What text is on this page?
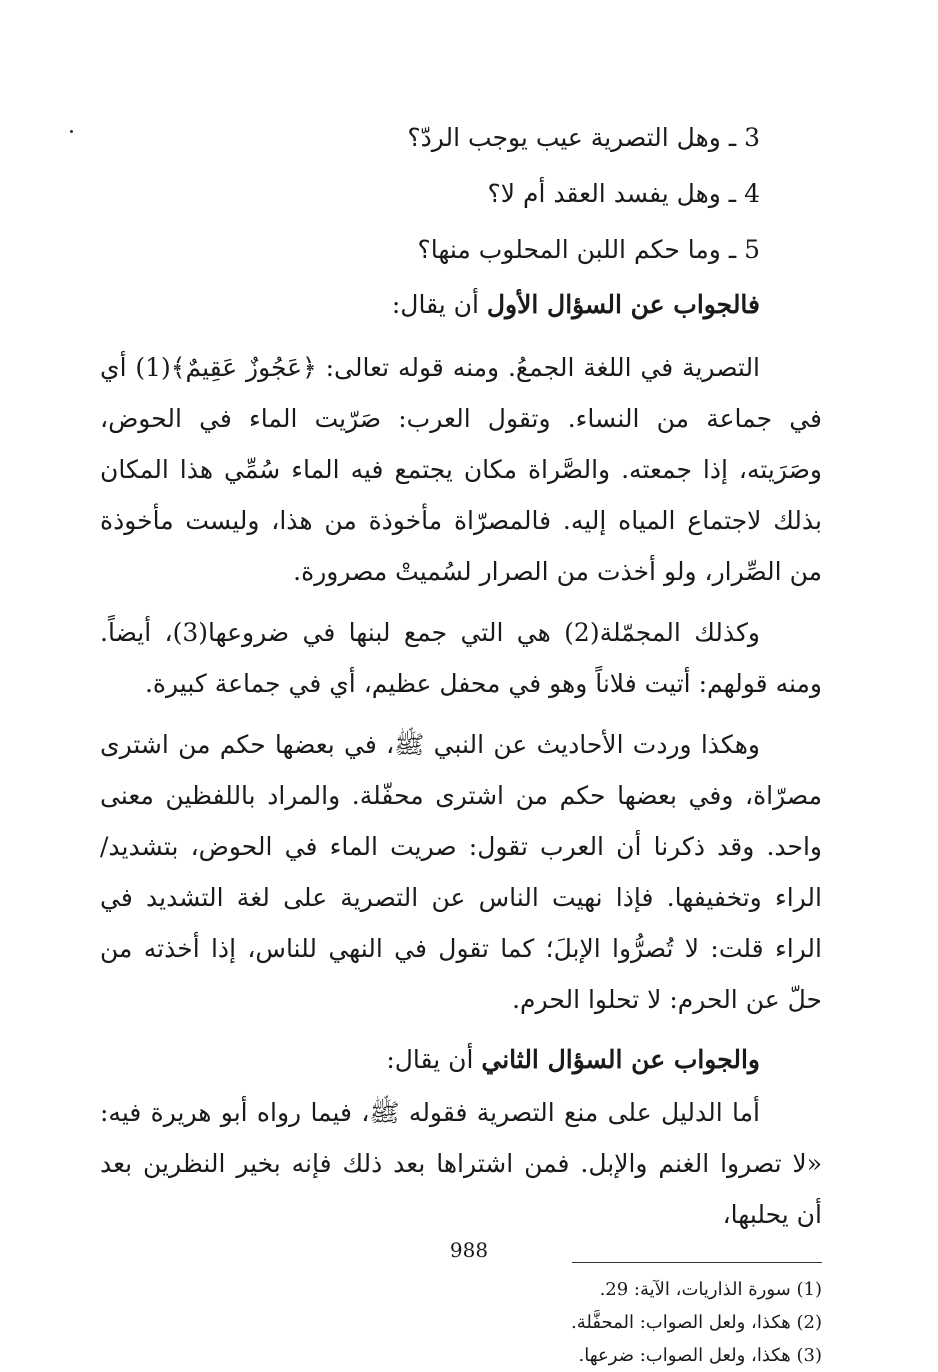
3 ـ وهل التصرية عيب يوجب الردّ؟

4 ـ وهل يفسد العقد أم لا؟

5 ـ وما حكم اللبن المحلوب منها؟

فالجواب عن السؤال الأول أن يقال:

التصرية في اللغة الجمعُ. ومنه قوله تعالى: ﴿عَجُوزٌ عَقِيمٌ﴾(1) أي في جماعة من النساء. وتقول العرب: صَرّيت الماء في الحوض، وصَرَيته، إذا جمعته. والصَّراة مكان يجتمع فيه الماء سُمِّي هذا المكان بذلك لاجتماع المياه إليه. فالمصرّاة مأخوذة من هذا، وليست مأخوذة من الصِّرار، ولو أخذت من الصرار لسُميتْ مصرورة.

وكذلك المجمّلة(2) هي التي جمع لبنها في ضروعها(3)، أيضاً. ومنه قولهم: أتيت فلاناً وهو في محفل عظيم، أي في جماعة كبيرة.

وهكذا وردت الأحاديث عن النبي ﷺ، في بعضها حكم من اشترى مصرّاة، وفي بعضها حكم من اشترى محفّلة. والمراد باللفظين معنى واحد. وقد ذكرنا أن العرب تقول: صريت الماء في الحوض، بتشديد/ الراء وتخفيفها. فإذا نهيت الناس عن التصرية على لغة التشديد في الراء قلت: لا تُصرُّوا الإبلَ؛ كما تقول في النهي للناس، إذا أخذته من حلّ عن الحرم: لا تحلوا الحرم.

والجواب عن السؤال الثاني أن يقال:

أما الدليل على منع التصرية فقوله ﷺ، فيما رواه أبو هريرة فيه: «لا تصروا الغنم والإبل. فمن اشتراها بعد ذلك فإنه بخير النظرين بعد أن يحلبها،

(1) سورة الذاريات، الآية: 29.

(2) هكذا، ولعل الصواب: المحفَّلة.

(3) هكذا، ولعل الصواب: ضرعها.

988
